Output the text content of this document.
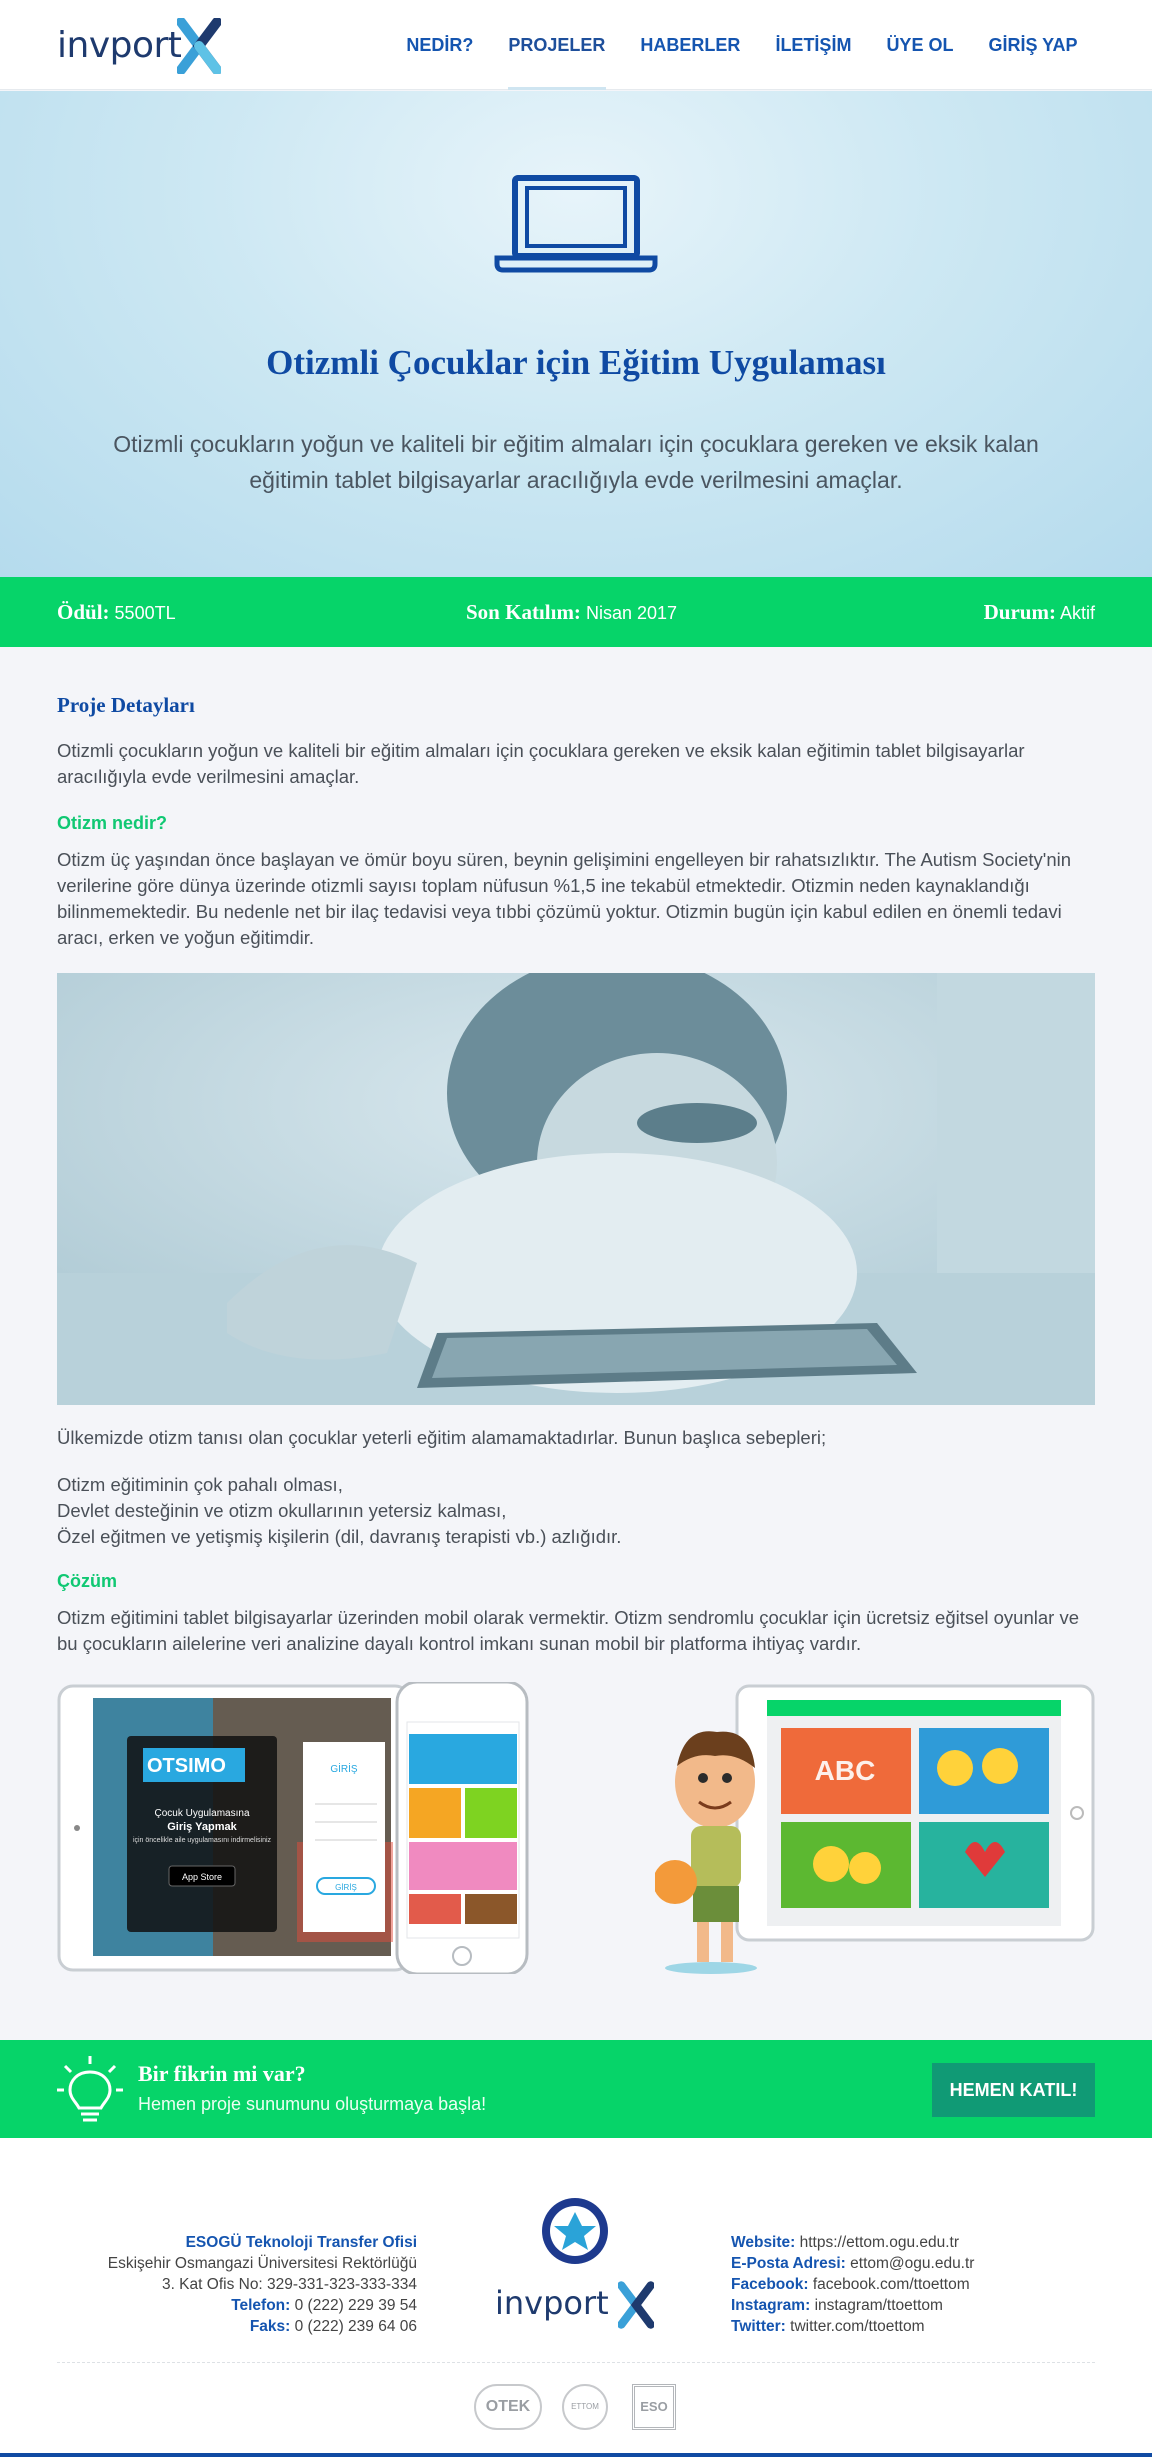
invport	NEDİR?	PROJELER	HABERLER	İLETİŞİM	ÜYE OL	GİRİŞ YAP
Otizmli Çocuklar için Eğitim Uygulaması

Otizmli çocukların yoğun ve kaliteli bir eğitim almaları için çocuklara gereken ve eksik kalan eğitimin tablet bilgisayarlar aracılığıyla evde verilmesini amaçlar.

Ödül: 5500TL	Son Katılım: Nisan 2017	Durum: Aktif
Proje Detayları

Otizmli çocukların yoğun ve kaliteli bir eğitim almaları için çocuklara gereken ve eksik kalan eğitimin tablet bilgisayarlar aracılığıyla evde verilmesini amaçlar.

Otizm nedir?

Otizm üç yaşından önce başlayan ve ömür boyu süren, beynin gelişimini engelleyen bir rahatsızlıktır. The Autism Society'nin verilerine göre dünya üzerinde otizmli sayısı toplam nüfusun %1,5 ine tekabül etmektedir. Otizmin neden kaynaklandığı bilinmemektedir. Bu nedenle net bir ilaç tedavisi veya tıbbi çözümü yoktur. Otizmin bugün için kabul edilen en önemli tedavi aracı, erken ve yoğun eğitimdir.

Ülkemizde otizm tanısı olan çocuklar yeterli eğitim alamamaktadırlar. Bunun başlıca sebepleri;

Otizm eğitiminin çok pahalı olması,
Devlet desteğinin ve otizm okullarının yetersiz kalması,
Özel eğitmen ve yetişmiş kişilerin (dil, davranış terapisti vb.) azlığıdır.
Çözüm

Otizm eğitimini tablet bilgisayarlar üzerinden mobil olarak vermektir. Otizm sendromlu çocuklar için ücretsiz eğitsel oyunlar ve bu çocukların ailelerine veri analizine dayalı kontrol imkanı sunan mobil bir platforma ihtiyaç vardır.

OTSIMO
Çocuk Uygulamasına
Giriş Yapmak
için öncelikle aile uygulamasını indirmelisiniz
App Store
GİRİŞ
GİRİŞ
ABC
Bir fikrin mi var?
Hemen proje sunumunu oluşturmaya başla!
HEMEN KATIL!
ESOGÜ Teknoloji Transfer Ofisi
Eskişehir Osmangazi Üniversitesi Rektörlüğü
3. Kat Ofis No: 329-331-323-333-334
Telefon: 0 (222) 229 39 54
Faks: 0 (222) 239 64 06
invport
Website: https://ettom.ogu.edu.tr
E-Posta Adresi: ettom@ogu.edu.tr
Facebook: facebook.com/ttoettom
Instagram: instagram/ttoettom
Twitter: twitter.com/ttoettom
OTEK	ETTOM	ESO
